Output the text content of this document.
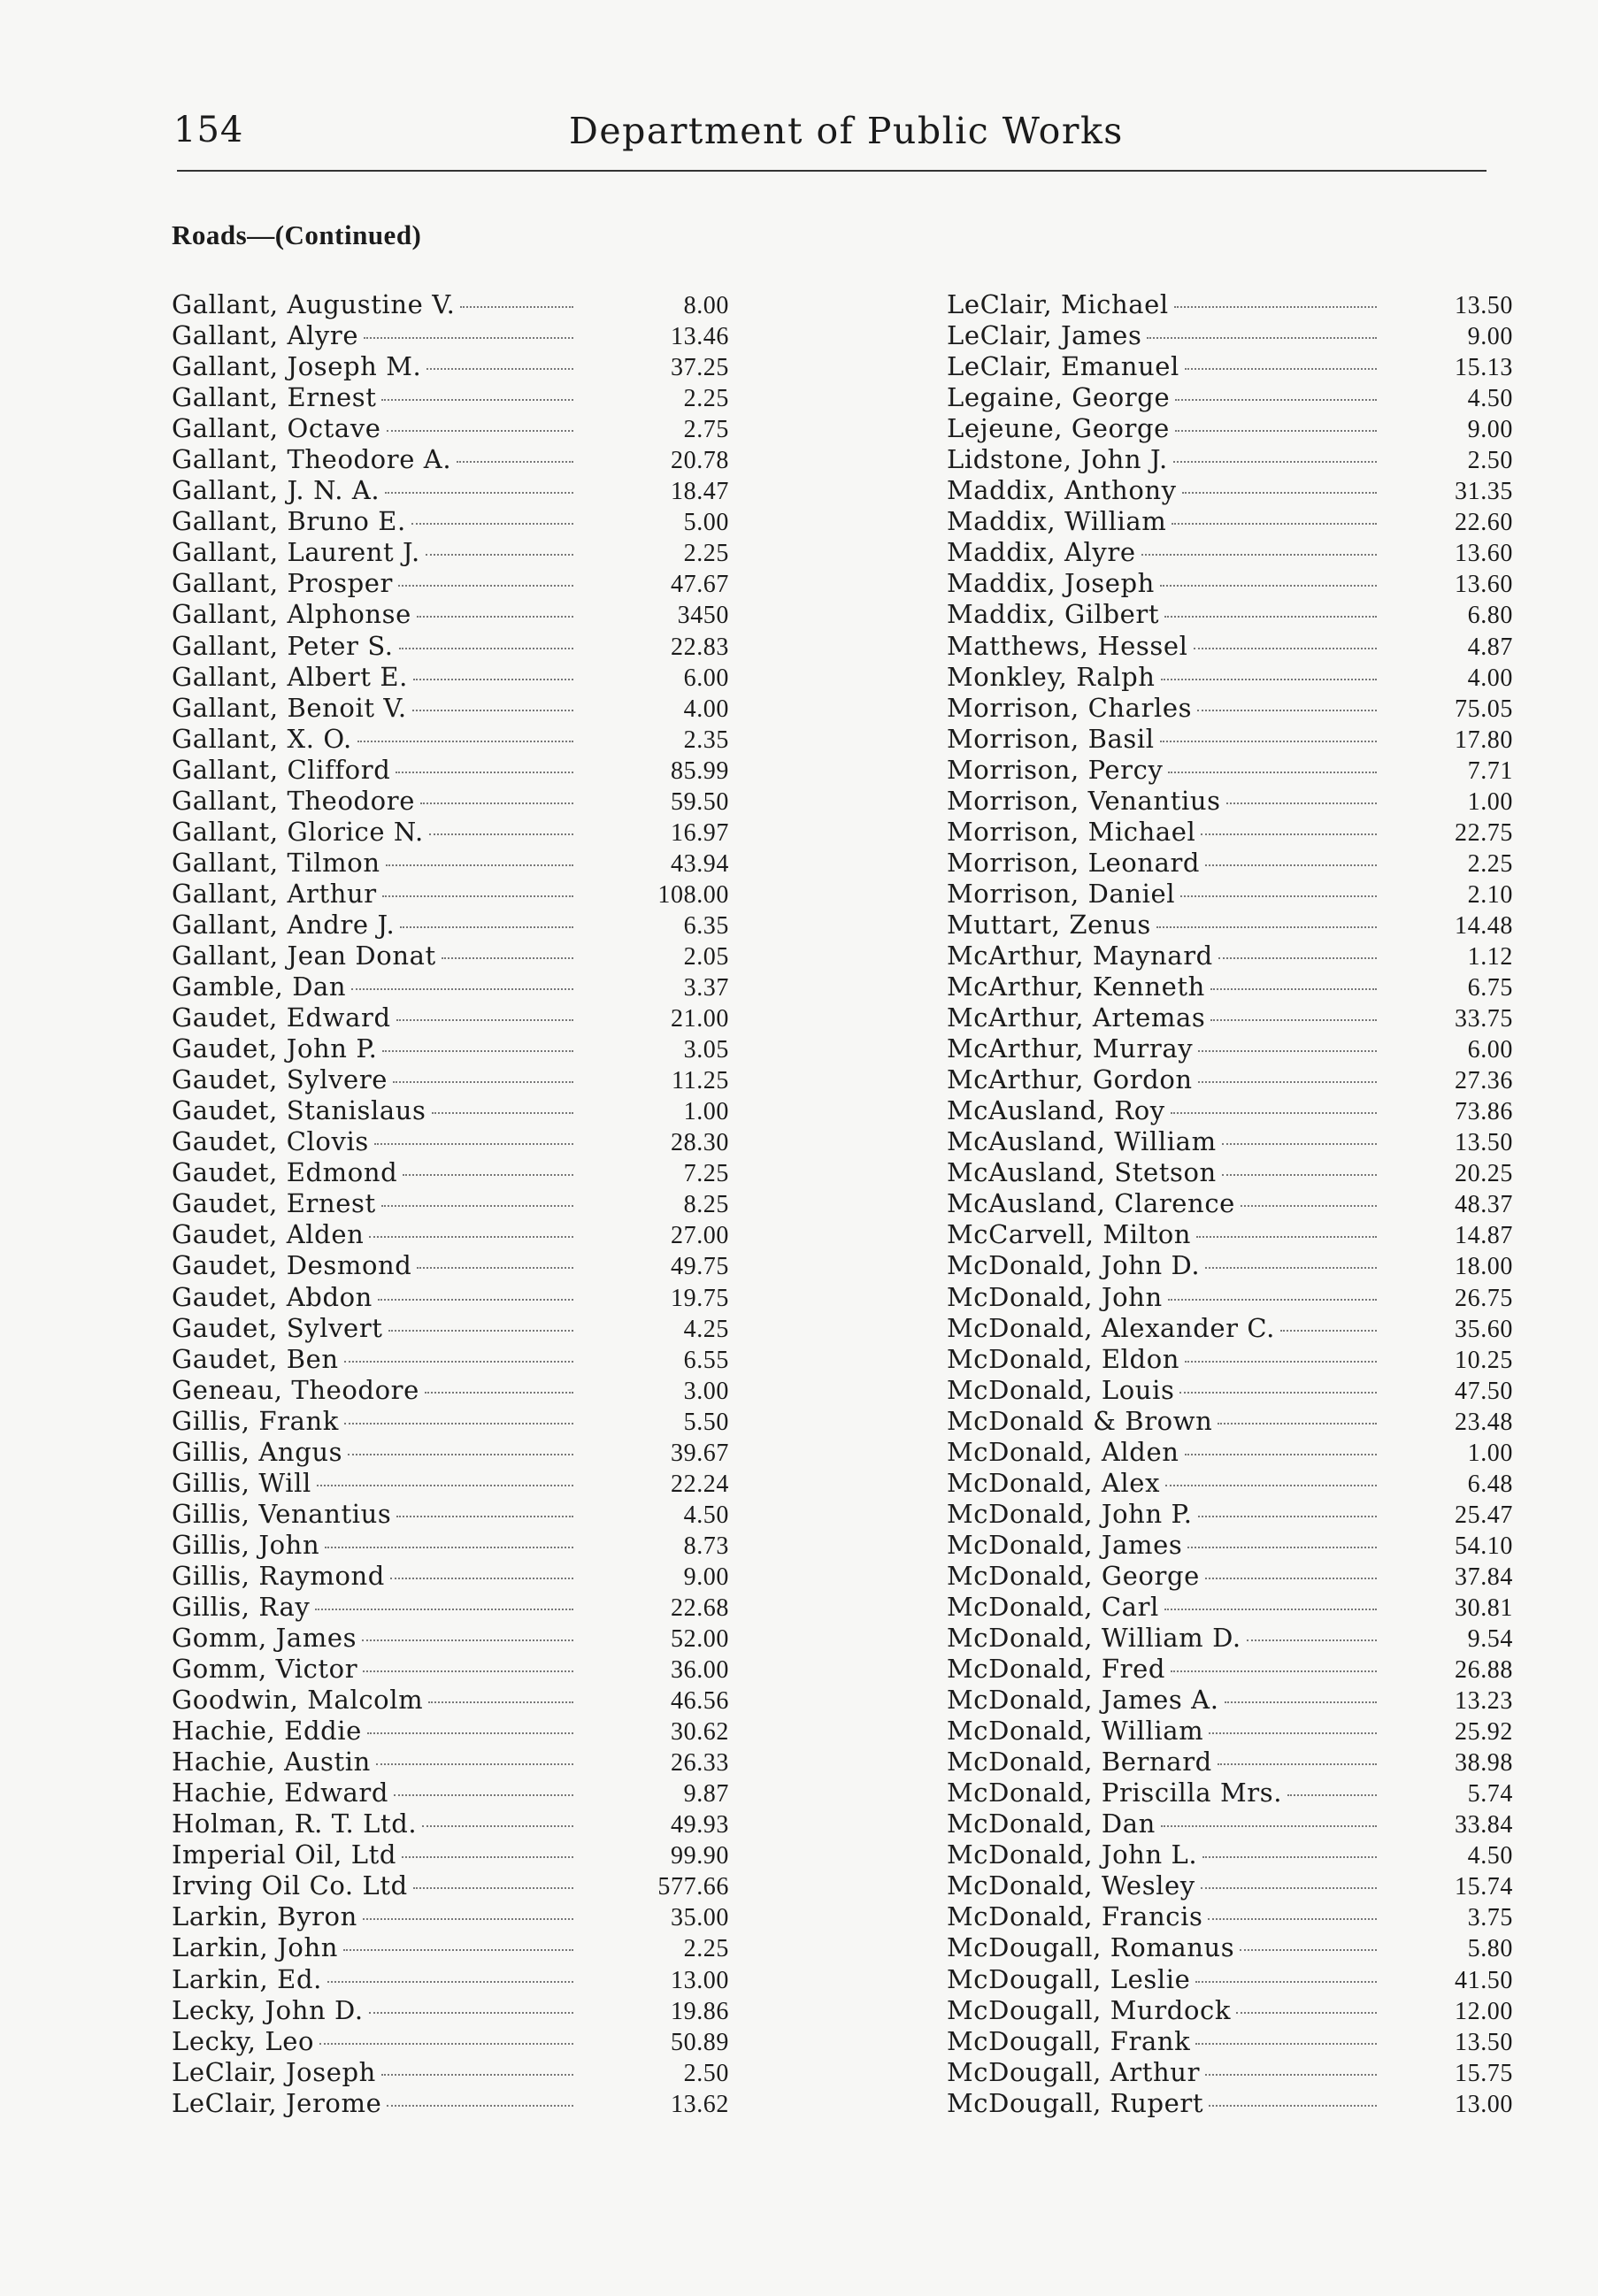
154	Department of Public Works
Roads—(Continued)
Gallant, Augustine V.	8.00
Gallant, Alyre	13.46
Gallant, Joseph M.	37.25
Gallant, Ernest	2.25
Gallant, Octave	2.75
Gallant, Theodore A.	20.78
Gallant, J. N. A.	18.47
Gallant, Bruno E.	5.00
Gallant, Laurent J.	2.25
Gallant, Prosper	47.67
Gallant, Alphonse	3450
Gallant, Peter S.	22.83
Gallant, Albert E.	6.00
Gallant, Benoit V.	4.00
Gallant, X. O.	2.35
Gallant, Clifford	85.99
Gallant, Theodore	59.50
Gallant, Glorice N.	16.97
Gallant, Tilmon	43.94
Gallant, Arthur	108.00
Gallant, Andre J.	6.35
Gallant, Jean Donat	2.05
Gamble, Dan	3.37
Gaudet, Edward	21.00
Gaudet, John P.	3.05
Gaudet, Sylvere	11.25
Gaudet, Stanislaus	1.00
Gaudet, Clovis	28.30
Gaudet, Edmond	7.25
Gaudet, Ernest	8.25
Gaudet, Alden	27.00
Gaudet, Desmond	49.75
Gaudet, Abdon	19.75
Gaudet, Sylvert	4.25
Gaudet, Ben	6.55
Geneau, Theodore	3.00
Gillis, Frank	5.50
Gillis, Angus	39.67
Gillis, Will	22.24
Gillis, Venantius	4.50
Gillis, John	8.73
Gillis, Raymond	9.00
Gillis, Ray	22.68
Gomm, James	52.00
Gomm, Victor	36.00
Goodwin, Malcolm	46.56
Hachie, Eddie	30.62
Hachie, Austin	26.33
Hachie, Edward	9.87
Holman, R. T. Ltd.	49.93
Imperial Oil, Ltd	99.90
Irving Oil Co. Ltd	577.66
Larkin, Byron	35.00
Larkin, John	2.25
Larkin, Ed.	13.00
Lecky, John D.	19.86
Lecky, Leo	50.89
LeClair, Joseph	2.50
LeClair, Jerome	13.62
LeClair, Michael	13.50
LeClair, James	9.00
LeClair, Emanuel	15.13
Legaine, George	4.50
Lejeune, George	9.00
Lidstone, John J.	2.50
Maddix, Anthony	31.35
Maddix, William	22.60
Maddix, Alyre	13.60
Maddix, Joseph	13.60
Maddix, Gilbert	6.80
Matthews, Hessel	4.87
Monkley, Ralph	4.00
Morrison, Charles	75.05
Morrison, Basil	17.80
Morrison, Percy	7.71
Morrison, Venantius	1.00
Morrison, Michael	22.75
Morrison, Leonard	2.25
Morrison, Daniel	2.10
Muttart, Zenus	14.48
McArthur, Maynard	1.12
McArthur, Kenneth	6.75
McArthur, Artemas	33.75
McArthur, Murray	6.00
McArthur, Gordon	27.36
McAusland, Roy	73.86
McAusland, William	13.50
McAusland, Stetson	20.25
McAusland, Clarence	48.37
McCarvell, Milton	14.87
McDonald, John D.	18.00
McDonald, John	26.75
McDonald, Alexander C.	35.60
McDonald, Eldon	10.25
McDonald, Louis	47.50
McDonald & Brown	23.48
McDonald, Alden	1.00
McDonald, Alex	6.48
McDonald, John P.	25.47
McDonald, James	54.10
McDonald, George	37.84
McDonald, Carl	30.81
McDonald, William D.	9.54
McDonald, Fred	26.88
McDonald, James A.	13.23
McDonald, William	25.92
McDonald, Bernard	38.98
McDonald, Priscilla Mrs.	5.74
McDonald, Dan	33.84
McDonald, John L.	4.50
McDonald, Wesley	15.74
McDonald, Francis	3.75
McDougall, Romanus	5.80
McDougall, Leslie	41.50
McDougall, Murdock	12.00
McDougall, Frank	13.50
McDougall, Arthur	15.75
McDougall, Rupert	13.00
